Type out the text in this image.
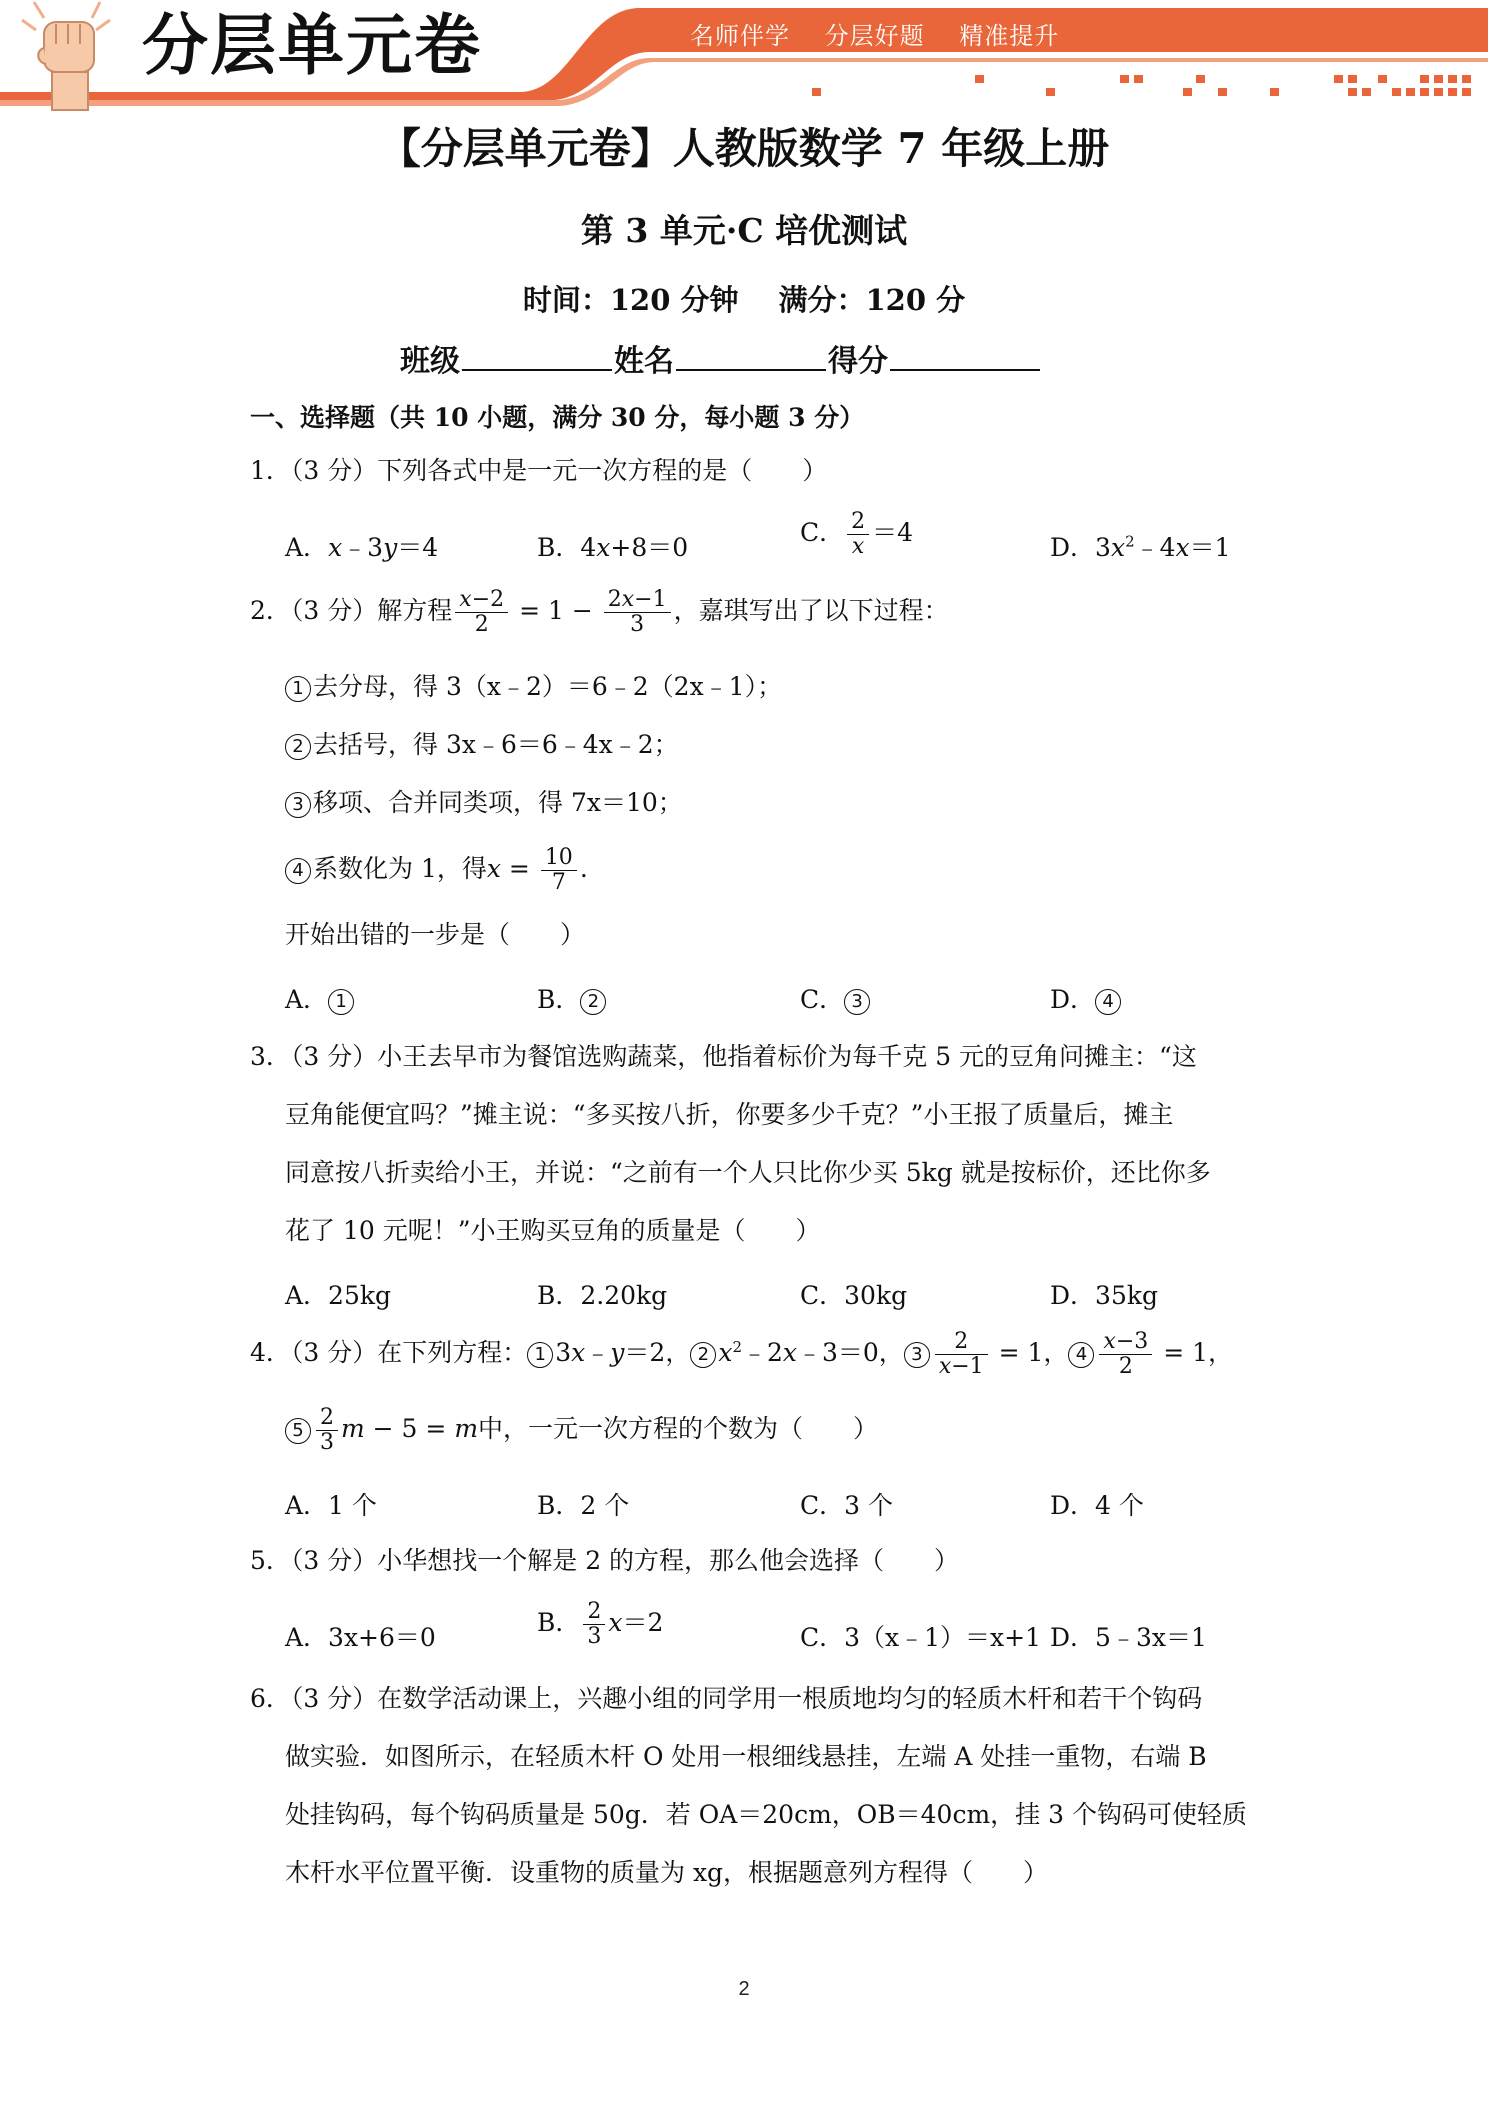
分层单元卷	名师伴学 分层好题 精准提升
【分层单元卷】人教版数学 7 年级上册
第 3 单元·C 培优测试
时间：120 分钟 满分：120 分
班级	姓名	得分
一、选择题（共 10 小题，满分 30 分，每小题 3 分）
1．（3 分）下列各式中是一元一次方程的是（　　）
A．x﹣3y＝4	B．4x+8＝0
C． $\frac{2}{x} =4$
D．$3x^2﹣4x=1$
2．（3 分）解方程 $\frac{x-2}{2} = 1 - \frac{2x-1}{3}$ ，嘉琪写出了以下过程：
1 去分母，得 3（x﹣2）＝6﹣2（2x﹣1）；
2 去括号，得 3x﹣6＝6﹣4x﹣2；
3 移项、合并同类项，得 7x＝10；
4 系数化为 1，得$x = \frac{10}{7}$ .
开始出错的一步是（　　）
A． 1	B． 2	C． 3	D． 4
3．（3 分）小王去早市为餐馆选购蔬菜，他指着标价为每千克 5 元的豆角问摊主：“这
豆角能便宜吗？”摊主说：“多买按八折，你要多少千克？”小王报了质量后，摊主
同意按八折卖给小王，并说：“之前有一个人只比你少买 5kg 就是按标价，还比你多
花了 10 元呢！”小王购买豆角的质量是（　　）
A．25kg	B．2.20kg	C．30kg	D．35kg
4．（3 分）在下列方程： 1 3x﹣y＝2， 2 $x^2﹣2x﹣3=0$， $3 \frac{2}{x-1} = 1$， $4 \frac{x-3}{2} = 1$，
$5 \frac{2}{3}$ m − 5 = m中，一元一次方程的个数为（　　）
A．1 个	B．2 个	C．3 个	D．4 个
5．（3 分）小华想找一个解是 2 的方程，那么他会选择（　　）
A．3x+6＝0
B． $\frac{2}{3} x=2$
C．3（x﹣1）＝x+1 D．5﹣3x＝1
6．（3 分）在数学活动课上，兴趣小组的同学用一根质地均匀的轻质木杆和若干个钩码
做实验．如图所示，在轻质木杆 O 处用一根细线悬挂，左端 A 处挂一重物，右端 B
处挂钩码，每个钩码质量是 50g．若 OA＝20cm，OB＝40cm，挂 3 个钩码可使轻质
木杆水平位置平衡．设重物的质量为 xg，根据题意列方程得（　　）
2
